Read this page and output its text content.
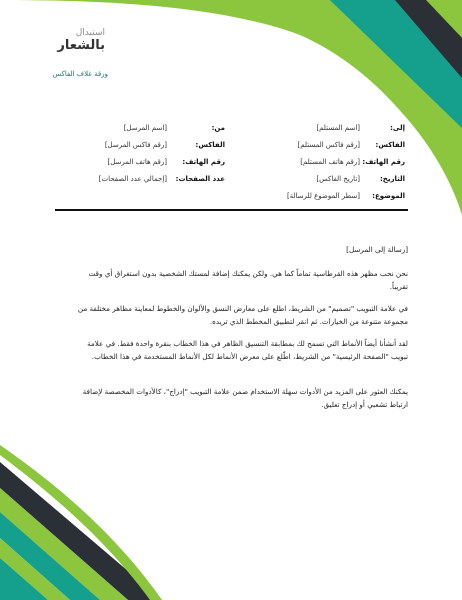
استبدال
بالشعار
ورقة غلاف الفاكس
إلى:
[اسم المستلم]
من:
[اسم المرسل]
الفاكس:
[رقم فاكس المستلم]
الفاكس:
[رقم فاكس المرسل]
رقم الهاتف:
[رقم هاتف المستلم]
رقم الهاتف:
[رقم هاتف المرسل]
التاريخ:
[تاريخ الفاكس]
عدد الصفحات:
[إجمالي عدد الصفحات]
الموضوع:
[سطر الموضوع للرسالة]
[رسالة إلى المرسل]
نحن نحب مظهر هذه القرطاسية تماماً كما هي. ولكن يمكنك إضافة لمستك الشخصية بدون استغراق أي وقت تقريباً.
في علامة التبويب "تصميم" من الشريط، اطلع على معارض النسق والألوان والخطوط لمعاينة مظاهر مختلفة من مجموعة متنوعة من الخيارات. ثم انقر لتطبيق المخطط الذي تريده.
لقد أنشأنا أيضاً الأنماط التي تسمح لك بمطابقة التنسيق الظاهر في هذا الخطاب بنقرة واحدة فقط. في علامة تبويب "الصفحة الرئيسية" من الشريط، اطّلع على معرض الأنماط لكل الأنماط المستخدمة في هذا الخطاب.
يمكنك العثور على المزيد من الأدوات سهلة الاستخدام ضمن علامة التبويب "إدراج"، كالأدوات المخصصة لإضافة ارتباط تشعبي أو إدراج تعليق.
